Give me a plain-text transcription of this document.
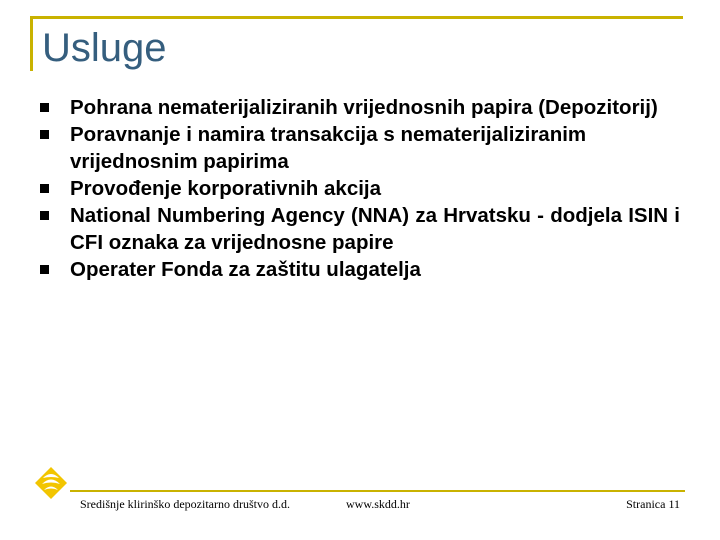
Usluge
Pohrana nematerijaliziranih vrijednosnih papira (Depozitorij)
Poravnanje i namira transakcija s nematerijaliziranim vrijednosnim papirima
Provođenje korporativnih akcija
National Numbering Agency (NNA) za Hrvatsku - dodjela ISIN i CFI oznaka za vrijednosne papire
Operater Fonda za zaštitu ulagatelja
Središnje klirinško depozitarno društvo d.d.	www.skdd.hr	Stranica 11
